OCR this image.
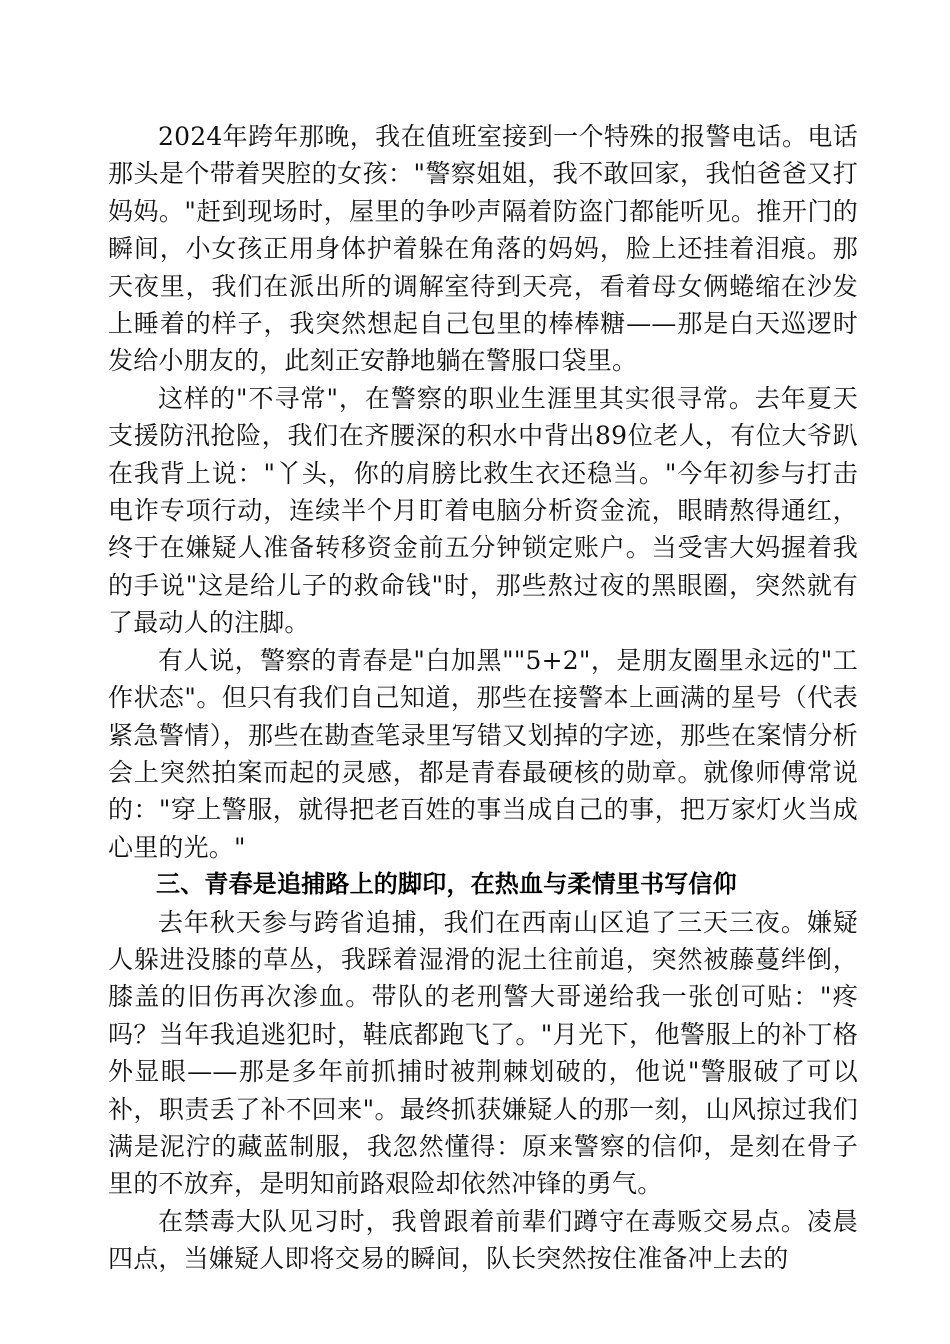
2024年跨年那晚，我在值班室接到一个特殊的报警电话。电话那头是个带着哭腔的女孩："警察姐姐，我不敢回家，我怕爸爸又打妈妈。"赶到现场时，屋里的争吵声隔着防盗门都能听见。推开门的瞬间，小女孩正用身体护着躲在角落的妈妈，脸上还挂着泪痕。那天夜里，我们在派出所的调解室待到天亮，看着母女俩蜷缩在沙发上睡着的样子，我突然想起自己包里的棒棒糖——那是白天巡逻时发给小朋友的，此刻正安静地躺在警服口袋里。

这样的"不寻常"，在警察的职业生涯里其实很寻常。去年夏天支援防汛抢险，我们在齐腰深的积水中背出89位老人，有位大爷趴在我背上说："丫头，你的肩膀比救生衣还稳当。"今年初参与打击电诈专项行动，连续半个月盯着电脑分析资金流，眼睛熬得通红，终于在嫌疑人准备转移资金前五分钟锁定账户。当受害大妈握着我的手说"这是给儿子的救命钱"时，那些熬过夜的黑眼圈，突然就有了最动人的注脚。

有人说，警察的青春是"白加黑""5+2"，是朋友圈里永远的"工作状态"。但只有我们自己知道，那些在接警本上画满的星号（代表紧急警情），那些在勘查笔录里写错又划掉的字迹，那些在案情分析会上突然拍案而起的灵感，都是青春最硬核的勋章。就像师傅常说的："穿上警服，就得把老百姓的事当成自己的事，把万家灯火当成心里的光。"

三、青春是追捕路上的脚印，在热血与柔情里书写信仰

去年秋天参与跨省追捕，我们在西南山区追了三天三夜。嫌疑人躲进没膝的草丛，我踩着湿滑的泥土往前追，突然被藤蔓绊倒，膝盖的旧伤再次渗血。带队的老刑警大哥递给我一张创可贴："疼吗？当年我追逃犯时，鞋底都跑飞了。"月光下，他警服上的补丁格外显眼——那是多年前抓捕时被荆棘划破的，他说"警服破了可以补，职责丢了补不回来"。最终抓获嫌疑人的那一刻，山风掠过我们满是泥泞的藏蓝制服，我忽然懂得：原来警察的信仰，是刻在骨子里的不放弃，是明知前路艰险却依然冲锋的勇气。

在禁毒大队见习时，我曾跟着前辈们蹲守在毒贩交易点。凌晨四点，当嫌疑人即将交易的瞬间，队长突然按住准备冲上去的
